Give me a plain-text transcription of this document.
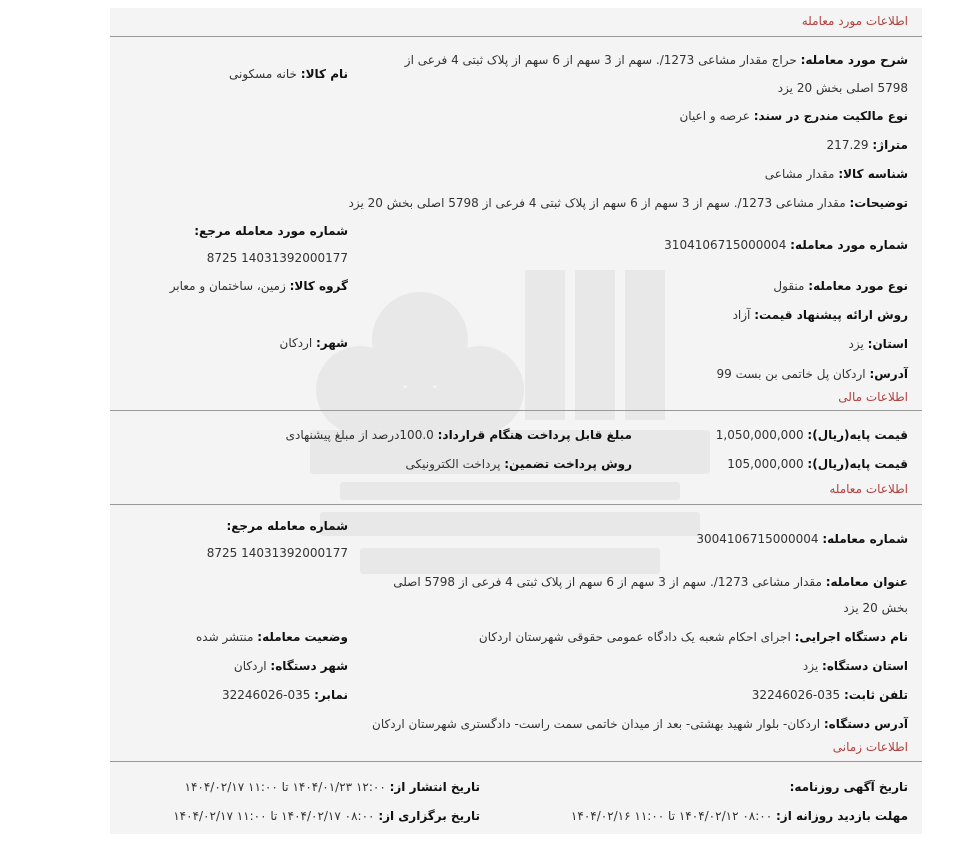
اطلاعات مورد معامله
شرح مورد معامله: حراج مقدار مشاعی 1273/. سهم از 3 سهم از 6 سهم از پلاک ثبتی 4 فرعی از
5798 اصلی بخش 20 یزد
نام کالا: خانه مسکونی
نوع مالکیت مندرج در سند: عرصه و اعیان
متراژ: 217.29
شناسه کالا: مقدار مشاعی
توضیحات: مقدار مشاعی 1273/. سهم از 3 سهم از 6 سهم از پلاک ثبتی 4 فرعی از 5798 اصلی بخش 20 یزد
شماره مورد معامله مرجع:
14031392000177 8725
شماره مورد معامله: 3104106715000004
نوع مورد معامله: منقول
گروه کالا: زمین، ساختمان و معابر
روش ارائه پیشنهاد قیمت: آزاد
استان: یزد
شهر: اردکان
آدرس: اردکان پل خاتمی بن بست 99
اطلاعات مالی
قیمت پایه(ریال): 1,050,000,000
مبلغ قابل پرداخت هنگام قرارداد: 100.0درصد از مبلغ پیشنهادی
قیمت پایه(ریال): 105,000,000
روش پرداخت تضمین: پرداخت الکترونیکی
اطلاعات معامله
شماره معامله: 3004106715000004
شماره معامله مرجع:
14031392000177 8725
عنوان معامله: مقدار مشاعی 1273/. سهم از 3 سهم از 6 سهم از پلاک ثبتی 4 فرعی از 5798 اصلی
بخش 20 یزد
نام دستگاه اجرایی: اجرای احکام شعبه یک دادگاه عمومی حقوقی شهرستان اردکان
وضعیت معامله: منتشر شده
استان دستگاه: یزد
شهر دستگاه: اردکان
تلفن ثابت: 035-32246026
نمابر: 035-32246026
آدرس دستگاه: اردکان- بلوار شهید بهشتی- بعد از میدان خاتمی سمت راست- دادگستری شهرستان اردکان
اطلاعات زمانی
تاریخ آگهی روزنامه:
تاریخ انتشار از: ۱۲:۰۰ ۱۴۰۴/۰۱/۲۳ تا ۱۱:۰۰ ۱۴۰۴/۰۲/۱۷
مهلت بازدید روزانه از: ۰۸:۰۰ ۱۴۰۴/۰۲/۱۲ تا ۱۱:۰۰ ۱۴۰۴/۰۲/۱۶
تاریخ برگزاری از: ۰۸:۰۰ ۱۴۰۴/۰۲/۱۷ تا ۱۱:۰۰ ۱۴۰۴/۰۲/۱۷
